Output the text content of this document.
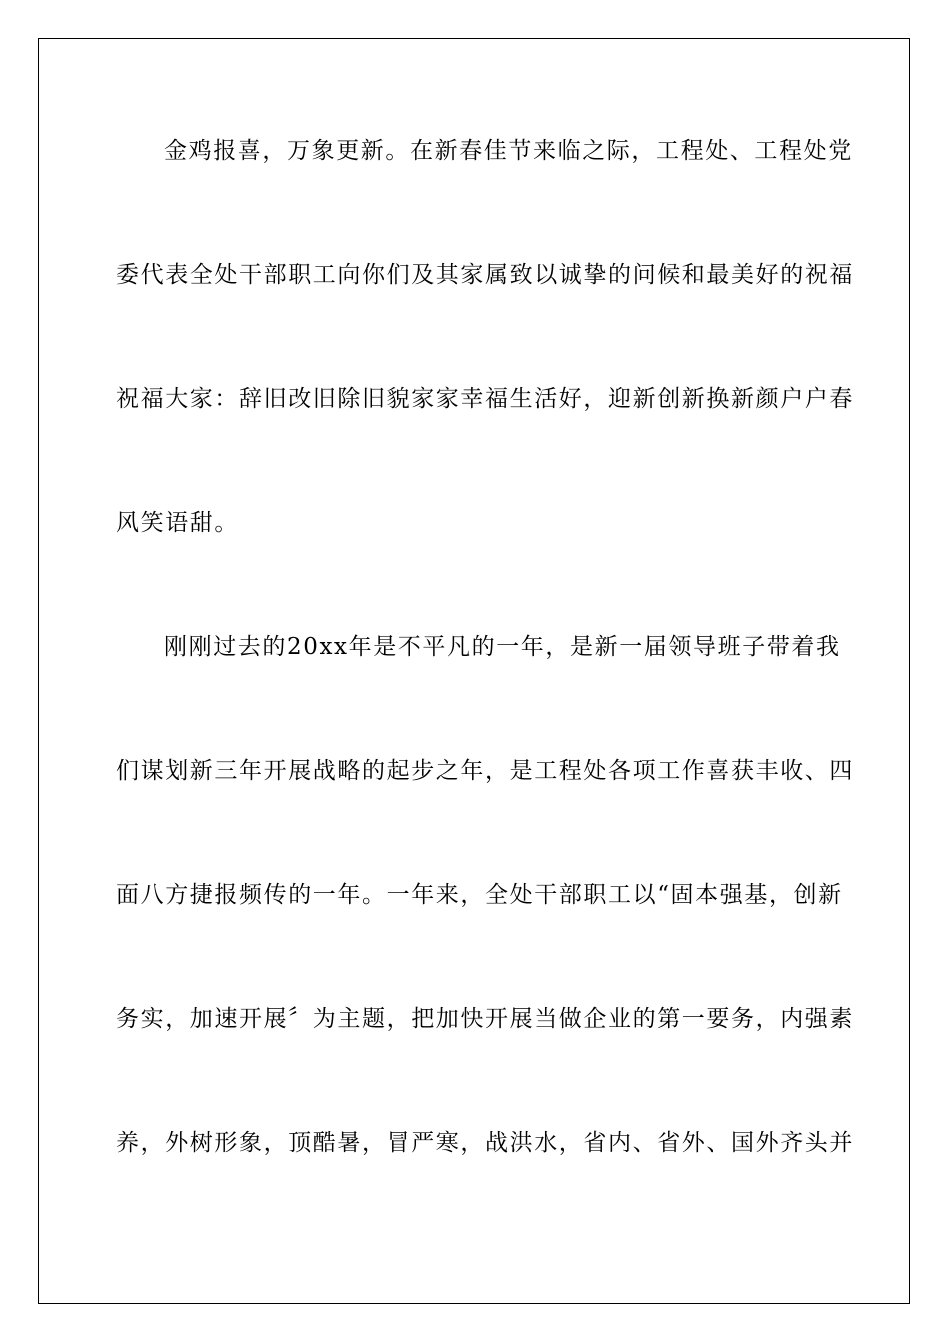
金鸡报喜，万象更新。在新春佳节来临之际，工程处、工程处党
委代表全处干部职工向你们及其家属致以诚挚的问候和最美好的祝福
祝福大家：辞旧改旧除旧貌家家幸福生活好，迎新创新换新颜户户春
风笑语甜。
刚刚过去的20xx年是不平凡的一年，是新一届领导班子带着我
们谋划新三年开展战略的起步之年，是工程处各项工作喜获丰收、四
面八方捷报频传的一年。一年来，全处干部职工以“固本强基，创新
务实，加速开展〞为主题，把加快开展当做企业的第一要务，内强素
养，外树形象，顶酷暑，冒严寒，战洪水，省内、省外、国外齐头并
